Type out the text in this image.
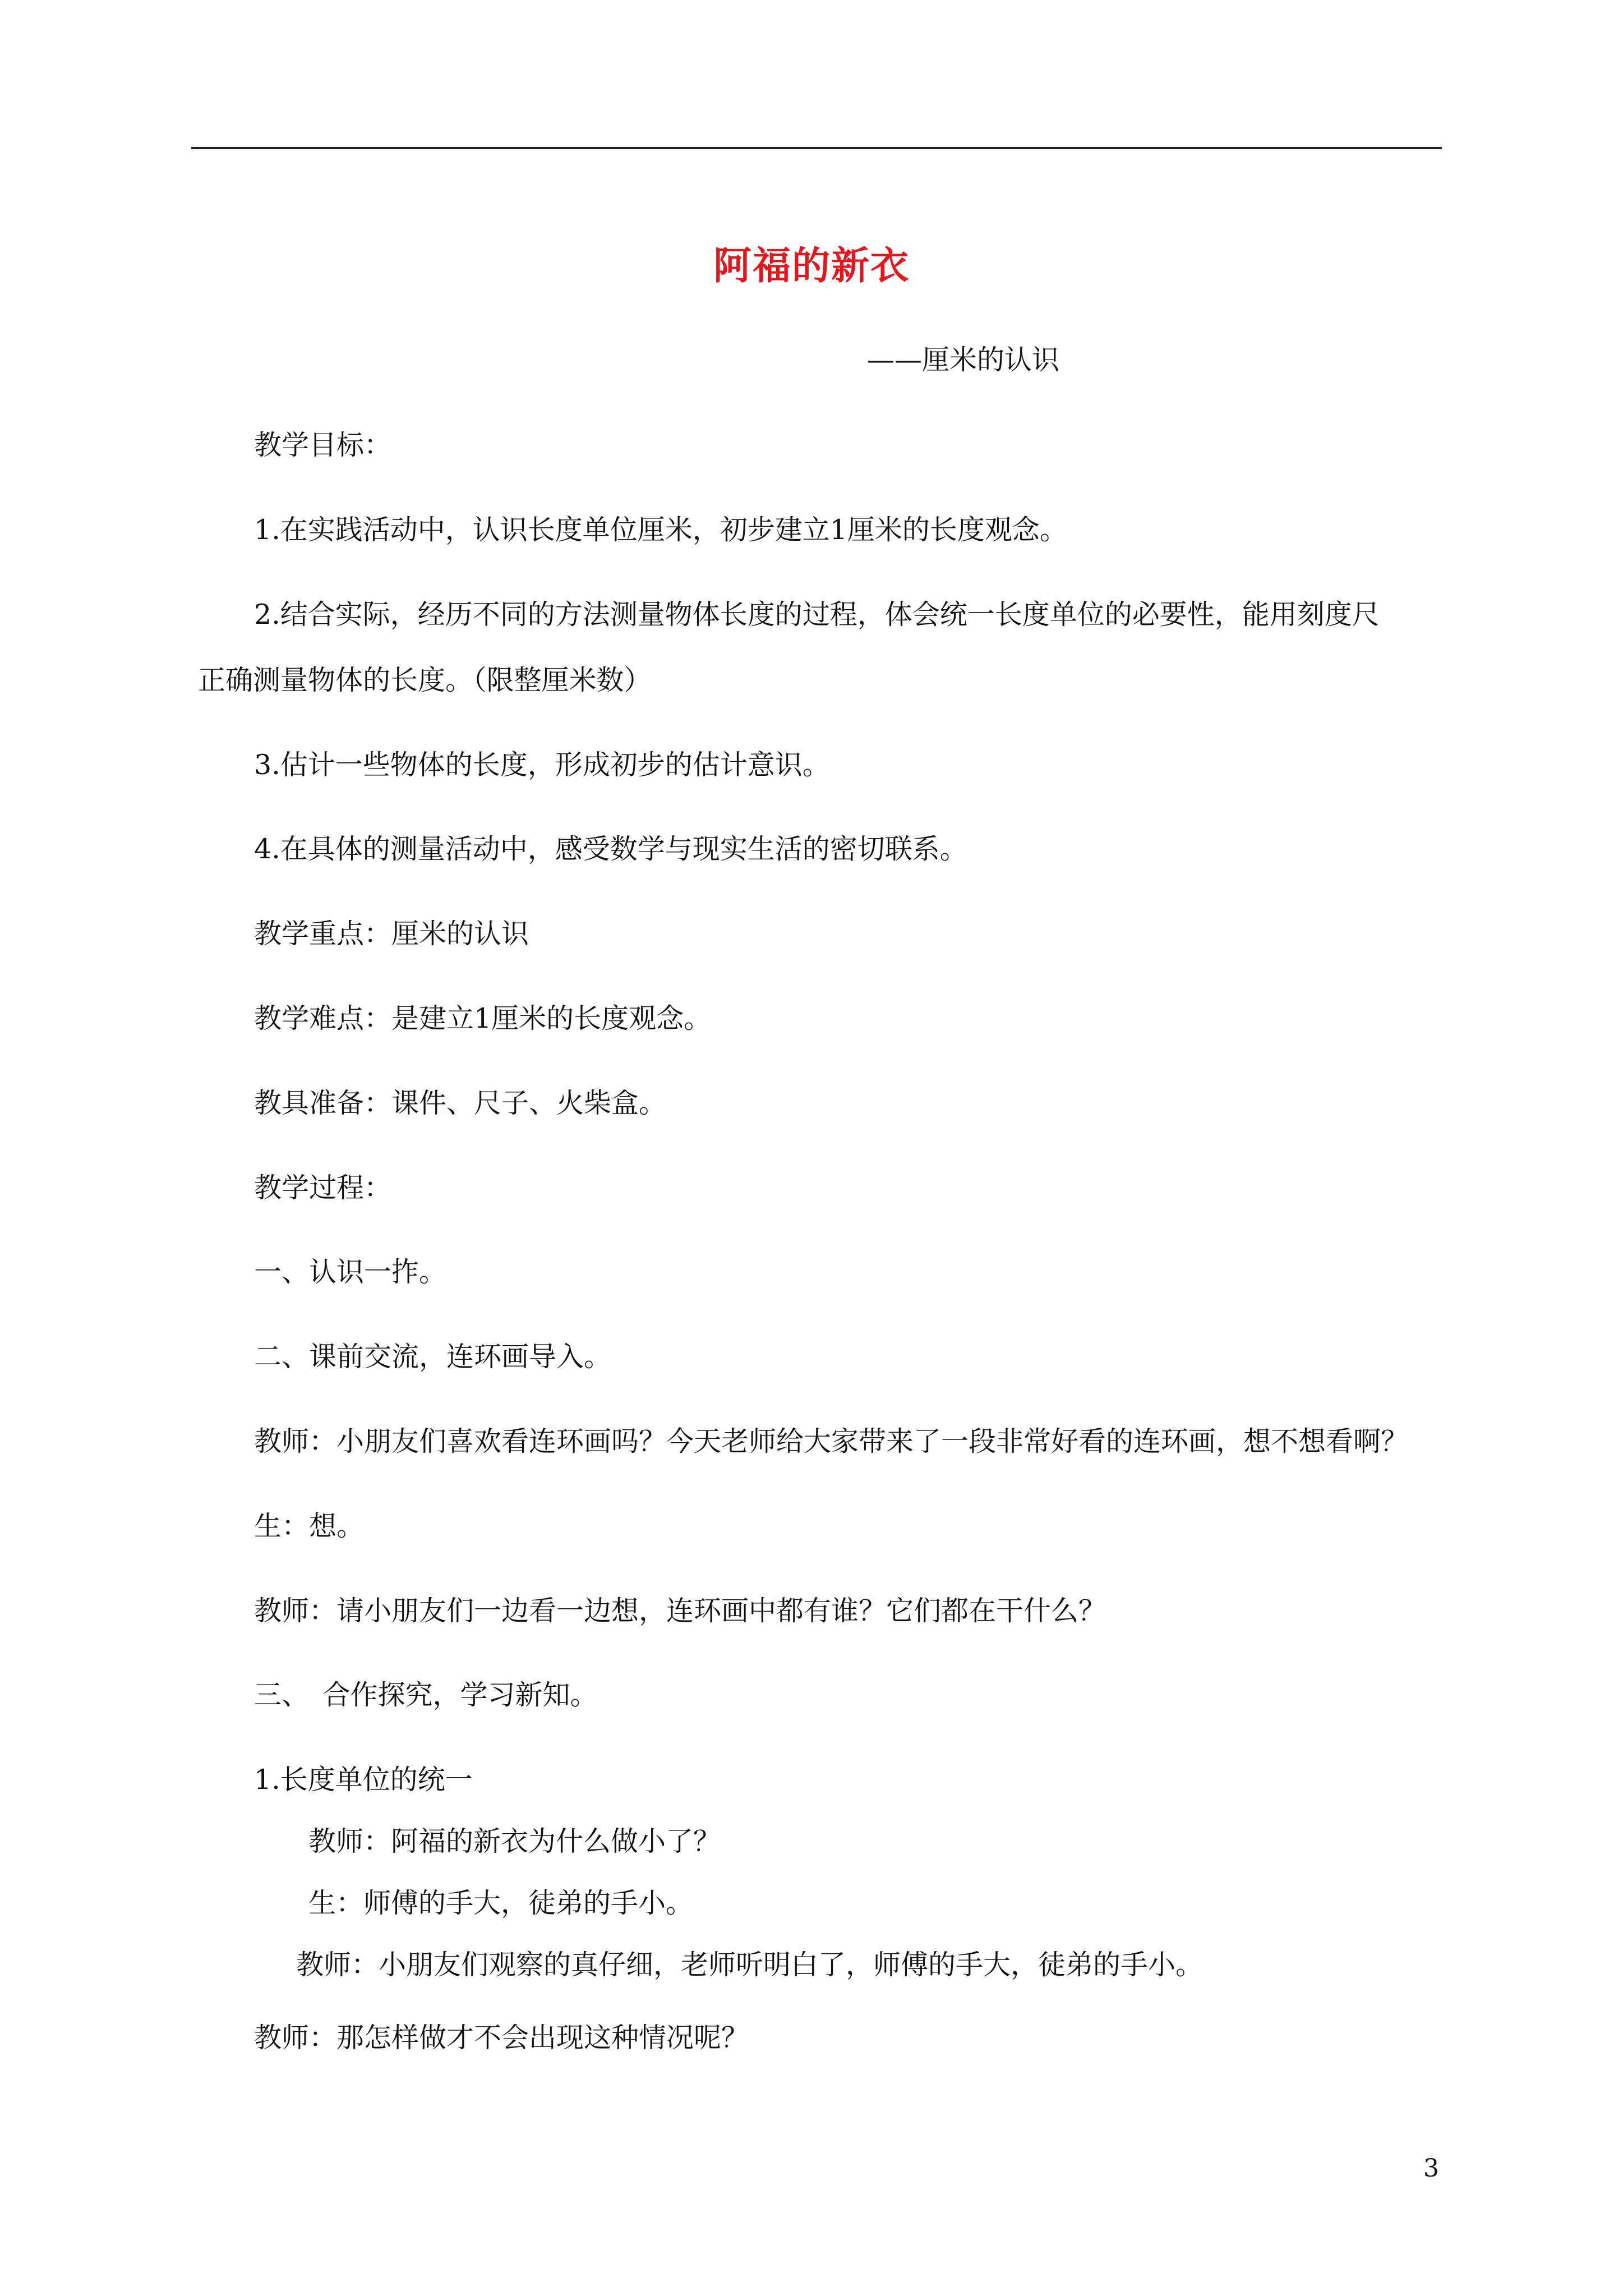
阿福的新衣
——厘米的认识
教学目标：
1.在实践活动中，认识长度单位厘米，初步建立1厘米的长度观念。
2.结合实际，经历不同的方法测量物体长度的过程，体会统一长度单位的必要性，能用刻度尺
正确测量物体的长度。（限整厘米数）
3.估计一些物体的长度，形成初步的估计意识。
4.在具体的测量活动中，感受数学与现实生活的密切联系。
教学重点：厘米的认识
教学难点：是建立1厘米的长度观念。
教具准备：课件、尺子、火柴盒。
教学过程：
一、认识一拃。
二、课前交流，连环画导入。
教师：小朋友们喜欢看连环画吗？今天老师给大家带来了一段非常好看的连环画，想不想看啊？
生：想。
教师：请小朋友们一边看一边想，连环画中都有谁？它们都在干什么？
三、　合作探究，学习新知。
1.长度单位的统一
教师：阿福的新衣为什么做小了？
生：师傅的手大，徒弟的手小。
教师：小朋友们观察的真仔细，老师听明白了，师傅的手大，徒弟的手小。
教师：那怎样做才不会出现这种情况呢？
3
